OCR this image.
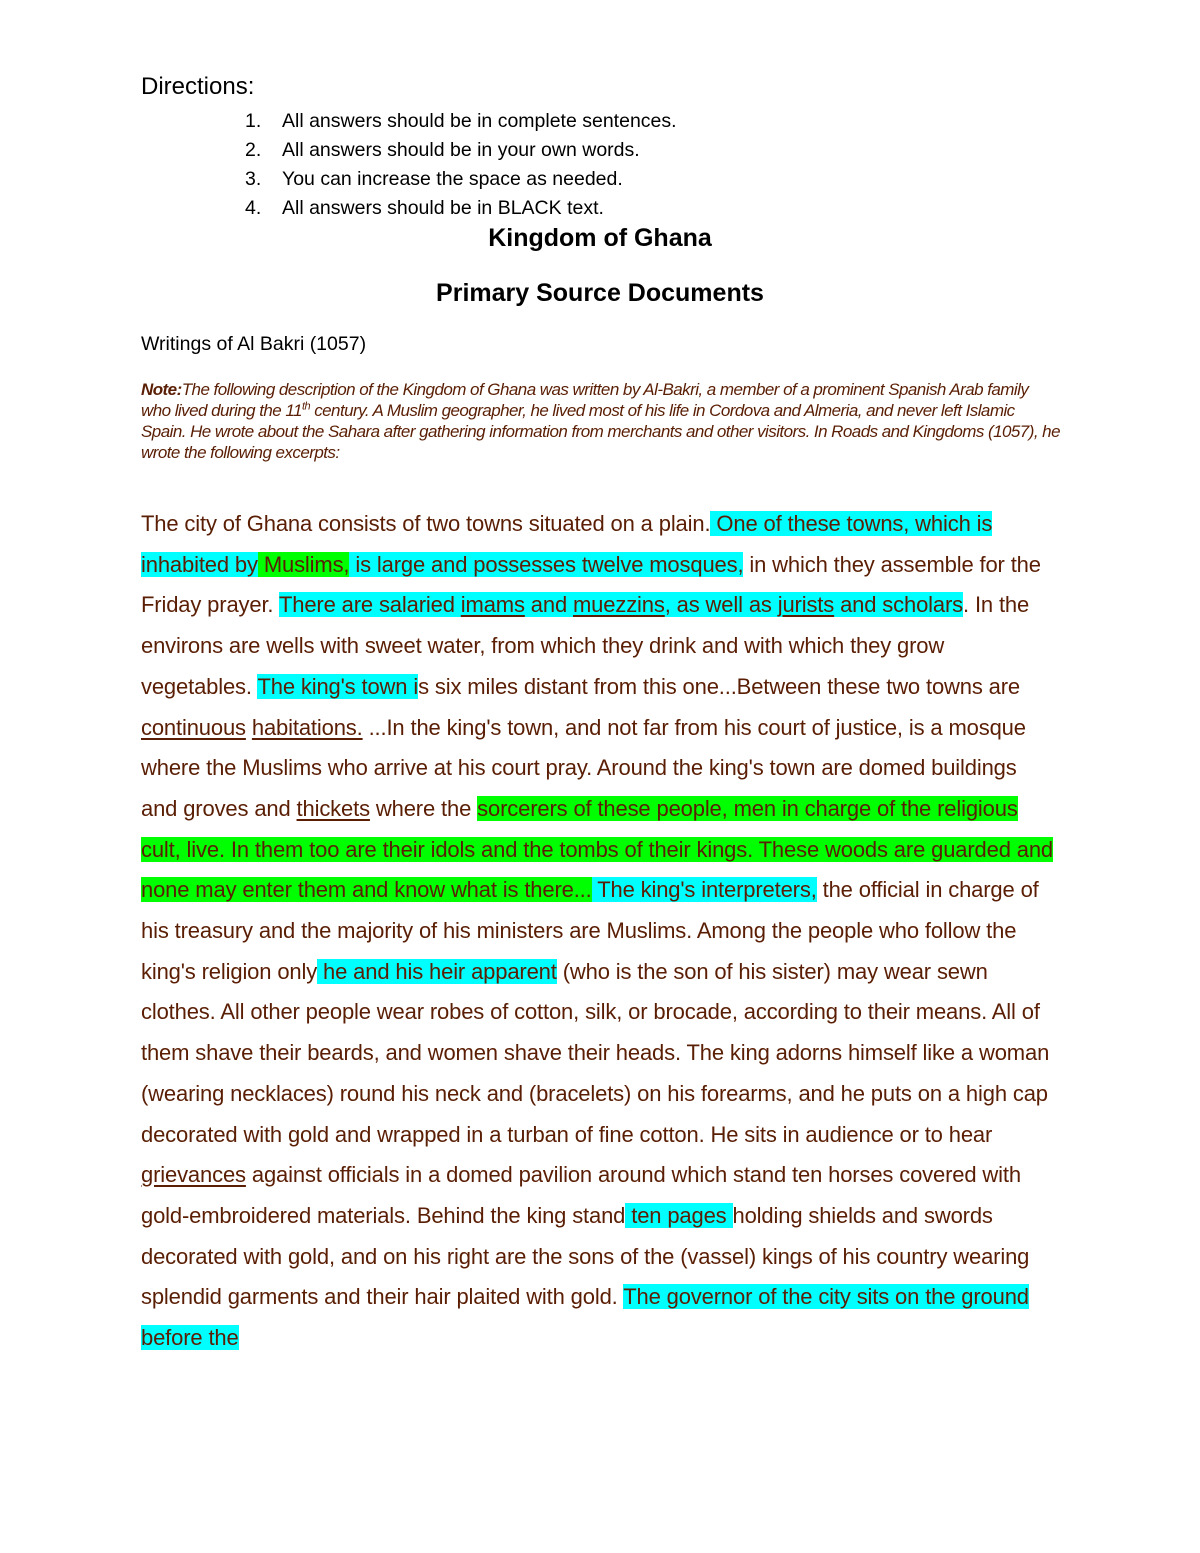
Directions:
1.	All answers should be in complete sentences.
2.	All answers should be in your own words.
3.	You can increase the space as needed.
4.	All answers should be in BLACK text.
Kingdom of Ghana
Primary Source Documents
Writings of Al Bakri (1057)
Note:The following description of the Kingdom of Ghana was written by Al-Bakri, a member of a prominent Spanish Arab family who lived during the 11th century. A Muslim geographer, he lived most of his life in Cordova and Almeria, and never left Islamic Spain. He wrote about the Sahara after gathering information from merchants and other visitors. In Roads and Kingdoms (1057), he wrote the following excerpts:
The city of Ghana consists of two towns situated on a plain. One of these towns, which is inhabited by Muslims, is large and possesses twelve mosques, in which they assemble for the Friday prayer. There are salaried imams and muezzins, as well as jurists and scholars. In the environs are wells with sweet water, from which they drink and with which they grow vegetables. The king's town is six miles distant from this one...Between these two towns are continuous habitations. ...In the king's town, and not far from his court of justice, is a mosque where the Muslims who arrive at his court pray. Around the king's town are domed buildings and groves and thickets where the sorcerers of these people, men in charge of the religious cult, live. In them too are their idols and the tombs of their kings. These woods are guarded and none may enter them and know what is there... The king's interpreters, the official in charge of his treasury and the majority of his ministers are Muslims. Among the people who follow the king's religion only he and his heir apparent (who is the son of his sister) may wear sewn clothes. All other people wear robes of cotton, silk, or brocade, according to their means. All of them shave their beards, and women shave their heads. The king adorns himself like a woman (wearing necklaces) round his neck and (bracelets) on his forearms, and he puts on a high cap decorated with gold and wrapped in a turban of fine cotton. He sits in audience or to hear grievances against officials in a domed pavilion around which stand ten horses covered with gold-embroidered materials. Behind the king stand ten pages holding shields and swords decorated with gold, and on his right are the sons of the (vassel) kings of his country wearing splendid garments and their hair plaited with gold. The governor of the city sits on the ground before the
